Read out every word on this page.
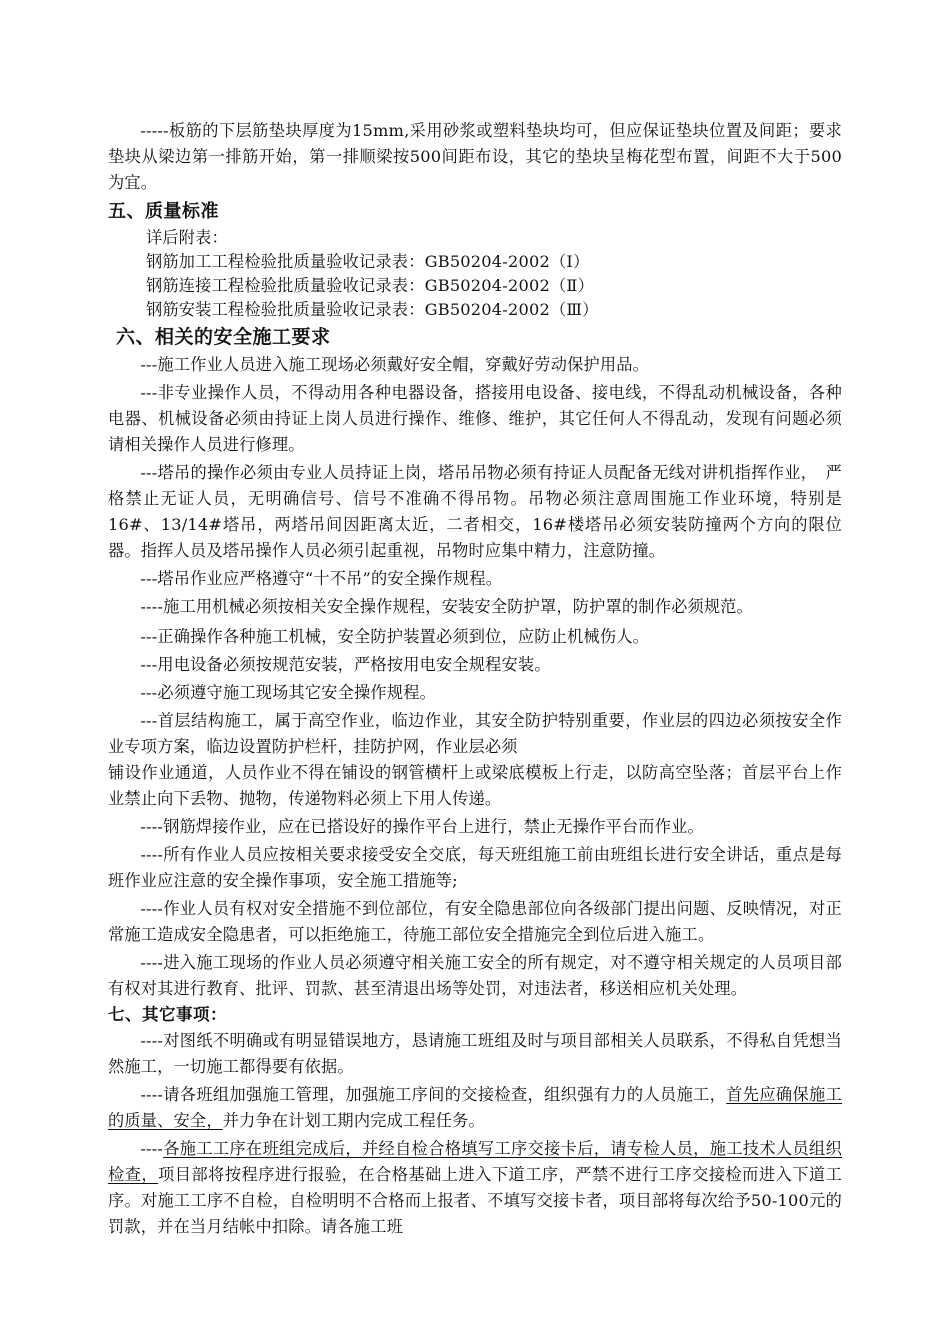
-----板筋的下层筋垫块厚度为15mm,采用砂浆或塑料垫块均可，但应保证垫块位置及间距；要求垫块从梁边第一排筋开始，第一排顺梁按500间距布设，其它的垫块呈梅花型布置，间距不大于500为宜。

五、质量标准

详后附表：

钢筋加工工程检验批质量验收记录表：GB50204-2002（Ⅰ）

钢筋连接工程检验批质量验收记录表：GB50204-2002（Ⅱ）

钢筋安装工程检验批质量验收记录表：GB50204-2002（Ⅲ）

六、相关的安全施工要求

---施工作业人员进入施工现场必须戴好安全帽，穿戴好劳动保护用品。

---非专业操作人员，不得动用各种电器设备，搭接用电设备、接电线，不得乱动机械设备，各种电器、机械设备必须由持证上岗人员进行操作、维修、维护，其它任何人不得乱动，发现有问题必须请相关操作人员进行修理。

---塔吊的操作必须由专业人员持证上岗，塔吊吊物必须有持证人员配备无线对讲机指挥作业，　严格禁止无证人员，无明确信号、信号不准确不得吊物。吊物必须注意周围施工作业环境，特别是16#、13/14#塔吊，两塔吊间因距离太近，二者相交，16#楼塔吊必须安装防撞两个方向的限位器。指挥人员及塔吊操作人员必须引起重视，吊物时应集中精力，注意防撞。

---塔吊作业应严格遵守“十不吊”的安全操作规程。

----施工用机械必须按相关安全操作规程，安装安全防护罩，防护罩的制作必须规范。

---正确操作各种施工机械，安全防护装置必须到位，应防止机械伤人。

---用电设备必须按规范安装，严格按用电安全规程安装。

---必须遵守施工现场其它安全操作规程。

---首层结构施工，属于高空作业，临边作业，其安全防护特别重要，作业层的四边必须按安全作业专项方案，临边设置防护栏杆，挂防护网，作业层必须

铺设作业通道，人员作业不得在铺设的钢管横杆上或梁底模板上行走，以防高空坠落；首层平台上作业禁止向下丢物、抛物，传递物料必须上下用人传递。

----钢筋焊接作业，应在已搭设好的操作平台上进行，禁止无操作平台而作业。

----所有作业人员应按相关要求接受安全交底，每天班组施工前由班组长进行安全讲话，重点是每班作业应注意的安全操作事项，安全施工措施等;

----作业人员有权对安全措施不到位部位，有安全隐患部位向各级部门提出问题、反映情况，对正常施工造成安全隐患者，可以拒绝施工，待施工部位安全措施完全到位后进入施工。

----进入施工现场的作业人员必须遵守相关施工安全的所有规定，对不遵守相关规定的人员项目部有权对其进行教育、批评、罚款、甚至清退出场等处罚，对违法者，移送相应机关处理。

七、其它事项：

----对图纸不明确或有明显错误地方，恳请施工班组及时与项目部相关人员联系，不得私自凭想当然施工，一切施工都得要有依据。

----请各班组加强施工管理，加强施工序间的交接检查，组织强有力的人员施工，首先应确保施工的质量、安全，并力争在计划工期内完成工程任务。

----各施工工序在班组完成后，并经自检合格填写工序交接卡后，请专检人员，施工技术人员组织检查，项目部将按程序进行报验，在合格基础上进入下道工序，严禁不进行工序交接检而进入下道工序。对施工工序不自检，自检明明不合格而上报者、不填写交接卡者，项目部将每次给予50-100元的罚款，并在当月结帐中扣除。请各施工班
